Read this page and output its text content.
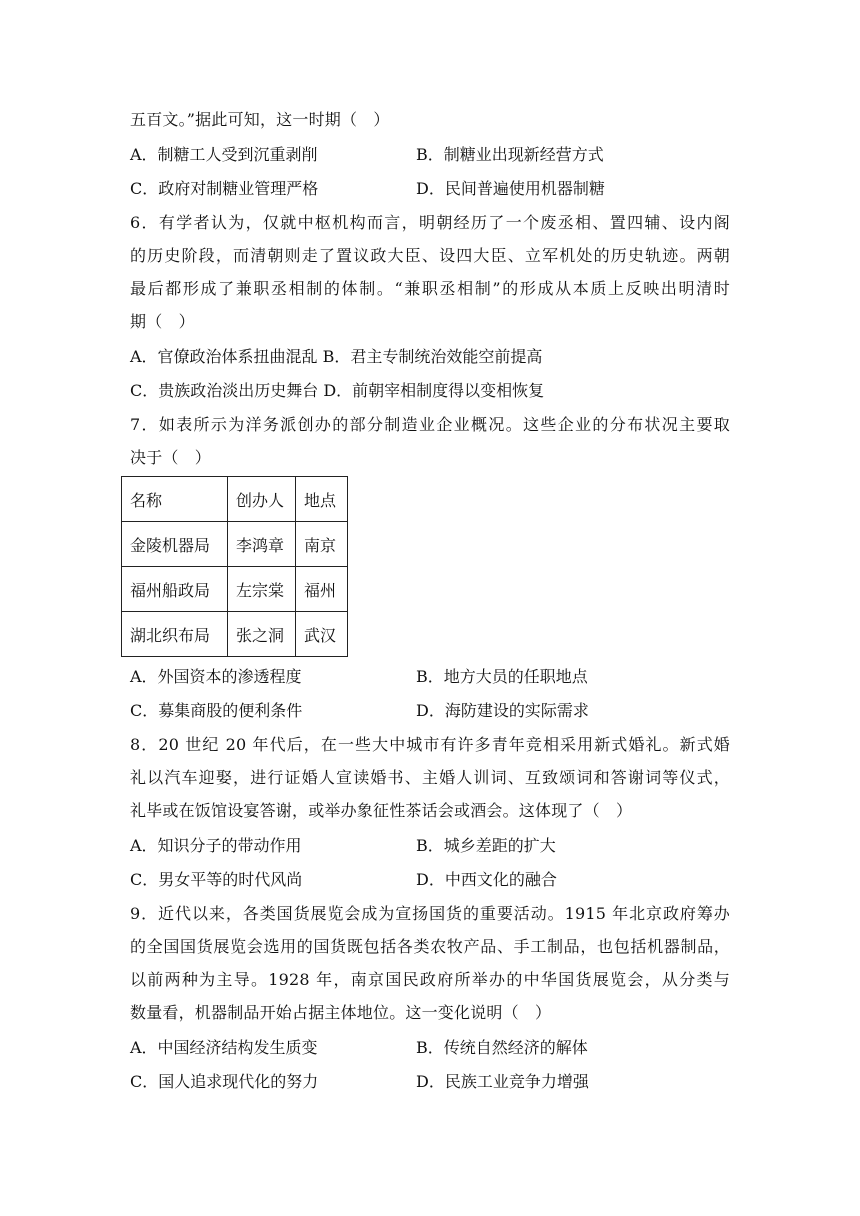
五百文。”据此可知，这一时期（　）
A．制糖工人受到沉重剥削	B．制糖业出现新经营方式
C．政府对制糖业管理严格	D．民间普遍使用机器制糖
6．有学者认为，仅就中枢机构而言，明朝经历了一个废丞相、置四辅、设内阁
的历史阶段，而清朝则走了置议政大臣、设四大臣、立军机处的历史轨迹。两朝
最后都形成了兼职丞相制的体制。“兼职丞相制”的形成从本质上反映出明清时
期（　）
A．官僚政治体系扭曲混乱 B．君主专制统治效能空前提高
C．贵族政治淡出历史舞台 D．前朝宰相制度得以变相恢复
7．如表所示为洋务派创办的部分制造业企业概况。这些企业的分布状况主要取
决于（　）
名称	创办人	地点
金陵机器局	李鸿章	南京
福州船政局	左宗棠	福州
湖北织布局	张之洞	武汉
A．外国资本的渗透程度	B．地方大员的任职地点
C．募集商股的便利条件	D．海防建设的实际需求
8．20 世纪 20 年代后，在一些大中城市有许多青年竞相采用新式婚礼。新式婚
礼以汽车迎娶，进行证婚人宣读婚书、主婚人训词、互致颂词和答谢词等仪式，
礼毕或在饭馆设宴答谢，或举办象征性茶话会或酒会。这体现了（　）
A．知识分子的带动作用	B．城乡差距的扩大
C．男女平等的时代风尚	D．中西文化的融合
9．近代以来，各类国货展览会成为宣扬国货的重要活动。1915 年北京政府筹办
的全国国货展览会选用的国货既包括各类农牧产品、手工制品，也包括机器制品，
以前两种为主导。1928 年，南京国民政府所举办的中华国货展览会，从分类与
数量看，机器制品开始占据主体地位。这一变化说明（　）
A．中国经济结构发生质变	B．传统自然经济的解体
C．国人追求现代化的努力	D．民族工业竞争力增强
